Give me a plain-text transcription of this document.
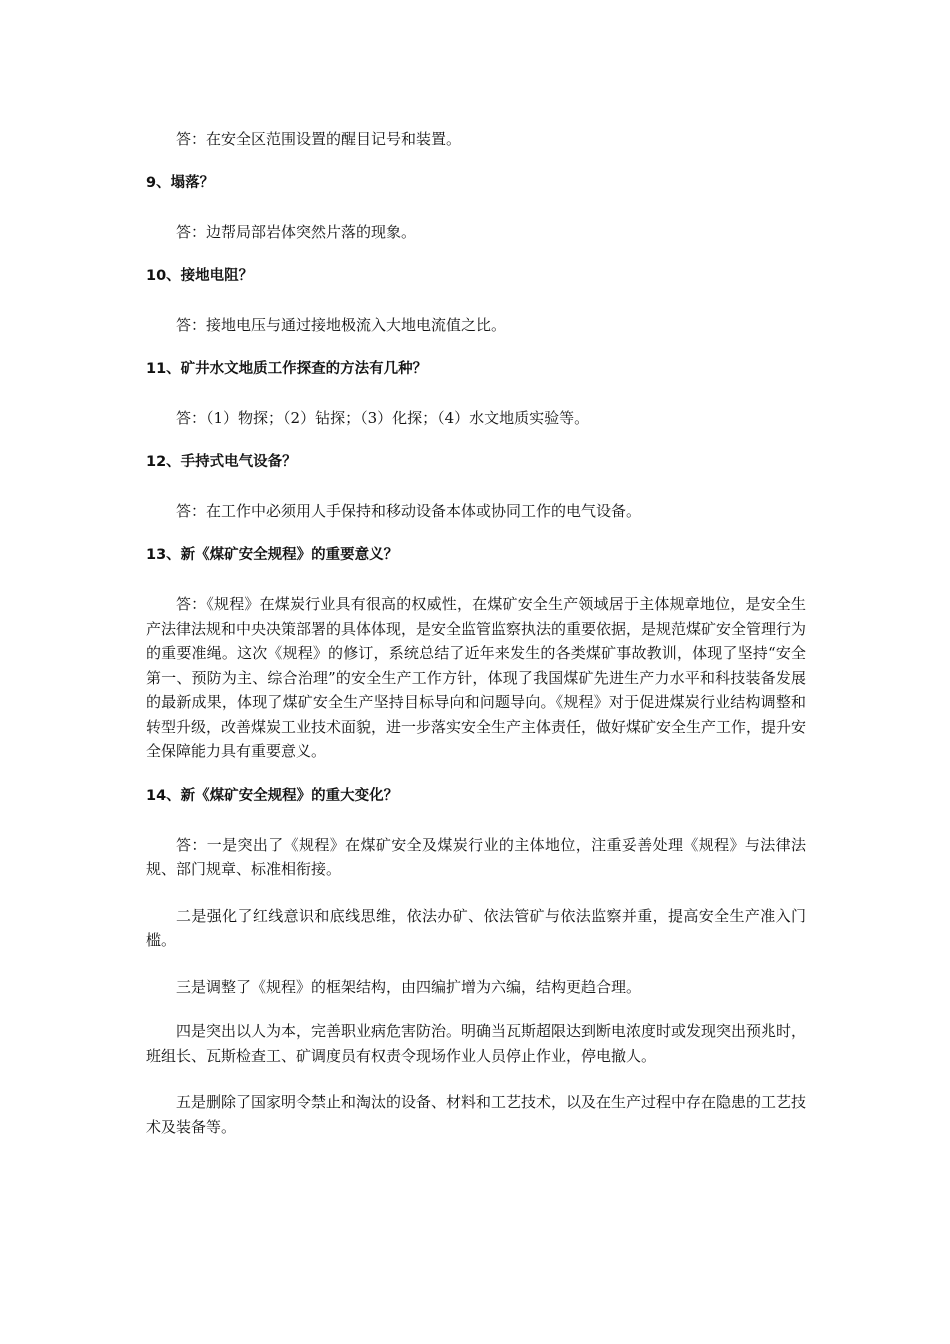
答：在安全区范围设置的醒目记号和装置。

9、塌落？

答：边帮局部岩体突然片落的现象。

10、接地电阻？

答：接地电压与通过接地极流入大地电流值之比。

11、矿井水文地质工作探查的方法有几种？

答：（1）物探；（2）钻探；（3）化探；（4）水文地质实验等。

12、手持式电气设备？

答：在工作中必须用人手保持和移动设备本体或协同工作的电气设备。

13、新《煤矿安全规程》的重要意义？

答：《规程》在煤炭行业具有很高的权威性，在煤矿安全生产领域居于主体规章地位，是安全生产法律法规和中央决策部署的具体体现，是安全监管监察执法的重要依据，是规范煤矿安全管理行为的重要准绳。这次《规程》的修订，系统总结了近年来发生的各类煤矿事故教训，体现了坚持“安全第一、预防为主、综合治理”的安全生产工作方针，体现了我国煤矿先进生产力水平和科技装备发展的最新成果，体现了煤矿安全生产坚持目标导向和问题导向。《规程》对于促进煤炭行业结构调整和转型升级，改善煤炭工业技术面貌，进一步落实安全生产主体责任，做好煤矿安全生产工作，提升安全保障能力具有重要意义。

14、新《煤矿安全规程》的重大变化？

答：一是突出了《规程》在煤矿安全及煤炭行业的主体地位，注重妥善处理《规程》与法律法规、部门规章、标准相衔接。

二是强化了红线意识和底线思维，依法办矿、依法管矿与依法监察并重，提高安全生产准入门槛。

三是调整了《规程》的框架结构，由四编扩增为六编，结构更趋合理。

四是突出以人为本，完善职业病危害防治。明确当瓦斯超限达到断电浓度时或发现突出预兆时，班组长、瓦斯检查工、矿调度员有权责令现场作业人员停止作业，停电撤人。

五是删除了国家明令禁止和淘汰的设备、材料和工艺技术，以及在生产过程中存在隐患的工艺技术及装备等。
